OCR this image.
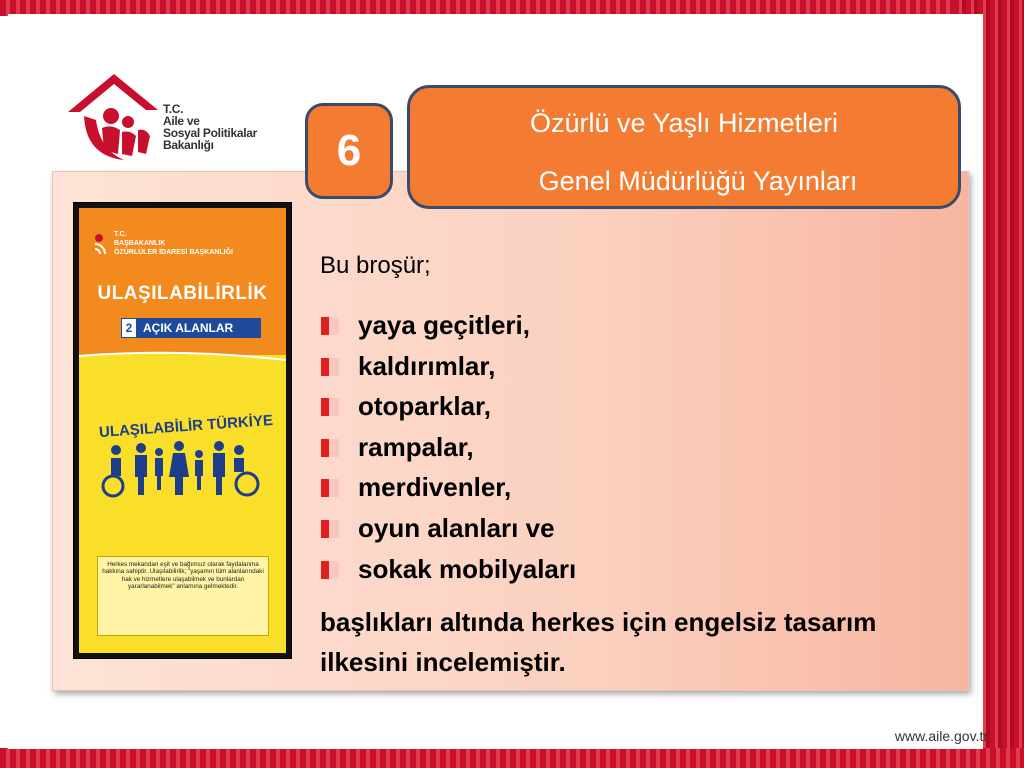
T.C.
Aile ve
Sosyal Politikalar
Bakanlığı	6
Özürlü ve Yaşlı Hizmetleri
Genel Müdürlüğü Yayınları
T.C.
BAŞBAKANLIK
ÖZÜRLÜLER İDARESİ BAŞKANLIĞI
ULAŞILABİLİRLİK
2 AÇIK ALANLAR
ULAŞILABİLİR TÜRKİYE
Herkes mekandan eşit ve bağımsız olarak faydalanma hakkına sahiptir. Ulaşılabilirlik; "yaşamın tüm alanlarındaki hak ve hizmetlere ulaşabilmek ve bunlardan yararlanabilmek" anlamına gelmektedir.
Bu broşür;
yaya geçitleri,
kaldırımlar,
otoparklar,
rampalar,
merdivenler,
oyun alanları ve
sokak mobilyaları
başlıkları altında herkes için engelsiz tasarım ilkesini incelemiştir.
www.aile.gov.tr
